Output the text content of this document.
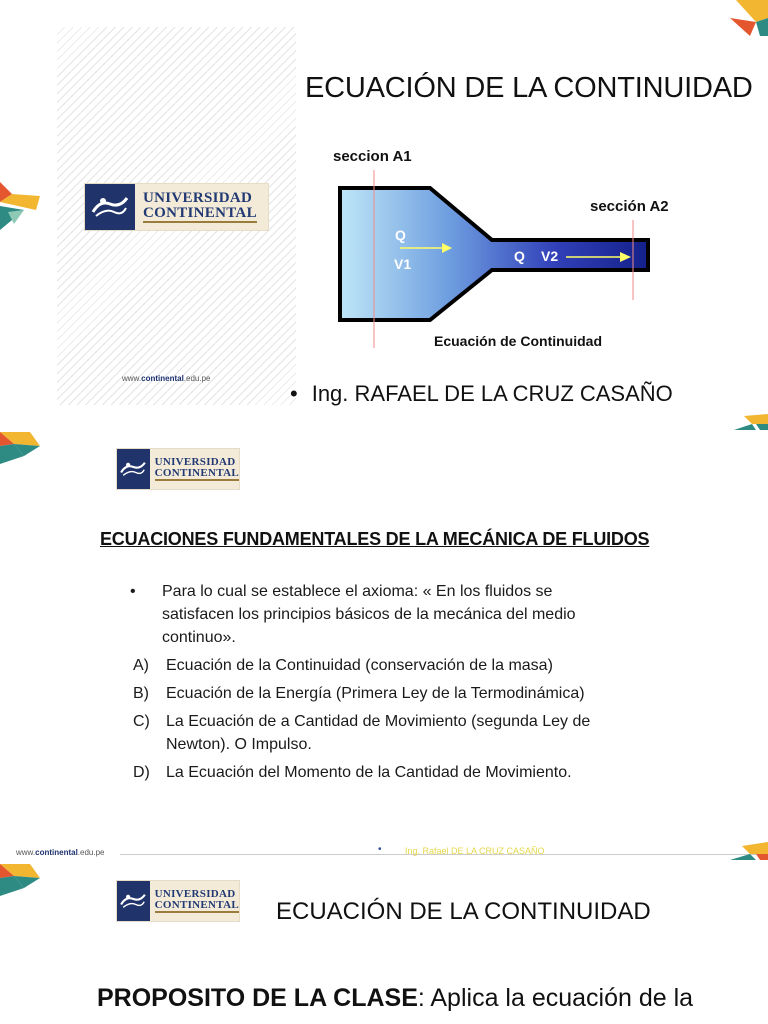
UNIVERSIDAD
CONTINENTAL
www.continental.edu.pe
ECUACIÓN DE LA CONTINUIDAD
seccion A1
sección A2
Q
V1	Q V2
Ecuación de Continuidad
• Ing. RAFAEL DE LA CRUZ CASAÑO
UNIVERSIDAD
CONTINENTAL
ECUACIONES FUNDAMENTALES DE LA MECÁNICA DE FLUIDOS
• Para lo cual se establece el axioma: « En los fluidos se satisfacen los principios básicos de la mecánica del medio continuo».
A) Ecuación de la Continuidad (conservación de la masa)
B) Ecuación de la Energía (Primera Ley de la Termodinámica)
C) La Ecuación de a Cantidad de Movimiento (segunda Ley de Newton). O Impulso.
D) La Ecuación del Momento de la Cantidad de Movimiento.
www.continental.edu.pe	•	Ing. Rafael DE LA CRUZ CASAÑO
UNIVERSIDAD
CONTINENTAL ECUACIÓN DE LA CONTINUIDAD
PROPOSITO DE LA CLASE: Aplica la ecuación de la
